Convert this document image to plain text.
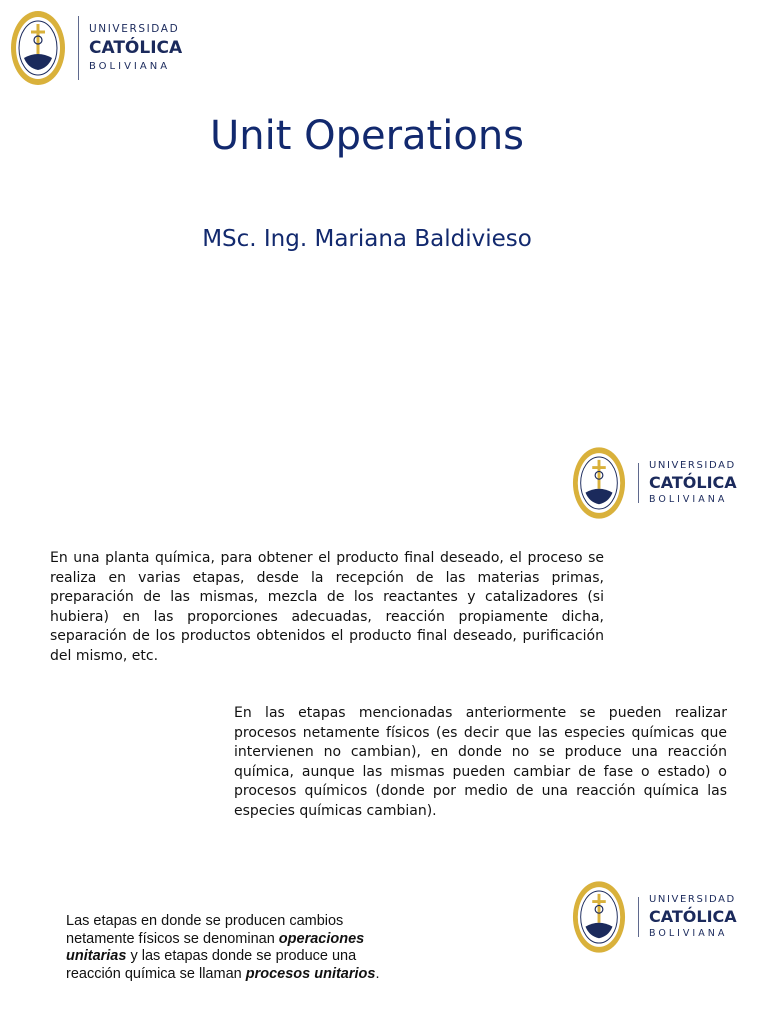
UNIVERSIDAD
CATÓLICA
BOLIVIANA
Unit Operations
MSc. Ing. Mariana Baldivieso
UNIVERSIDAD
CATÓLICA
BOLIVIANA
En una planta química, para obtener el producto final deseado, el proceso se realiza en varias etapas, desde la recepción de las materias primas, preparación de las mismas, mezcla de los reactantes y catalizadores (si hubiera) en las proporciones adecuadas, reacción propiamente dicha, separación de los productos obtenidos el producto final deseado, purificación del mismo, etc.
En las etapas mencionadas anteriormente se pueden realizar procesos netamente físicos (es decir que las especies químicas que intervienen no cambian), en donde no se produce una reacción química, aunque las mismas pueden cambiar de fase o estado) o procesos químicos (donde por medio de una reacción química las especies químicas cambian).
Las etapas en donde se producen cambios netamente físicos se denominan operaciones unitarias y las etapas donde se produce una reacción química se llaman procesos unitarios.
UNIVERSIDAD
CATÓLICA
BOLIVIANA
